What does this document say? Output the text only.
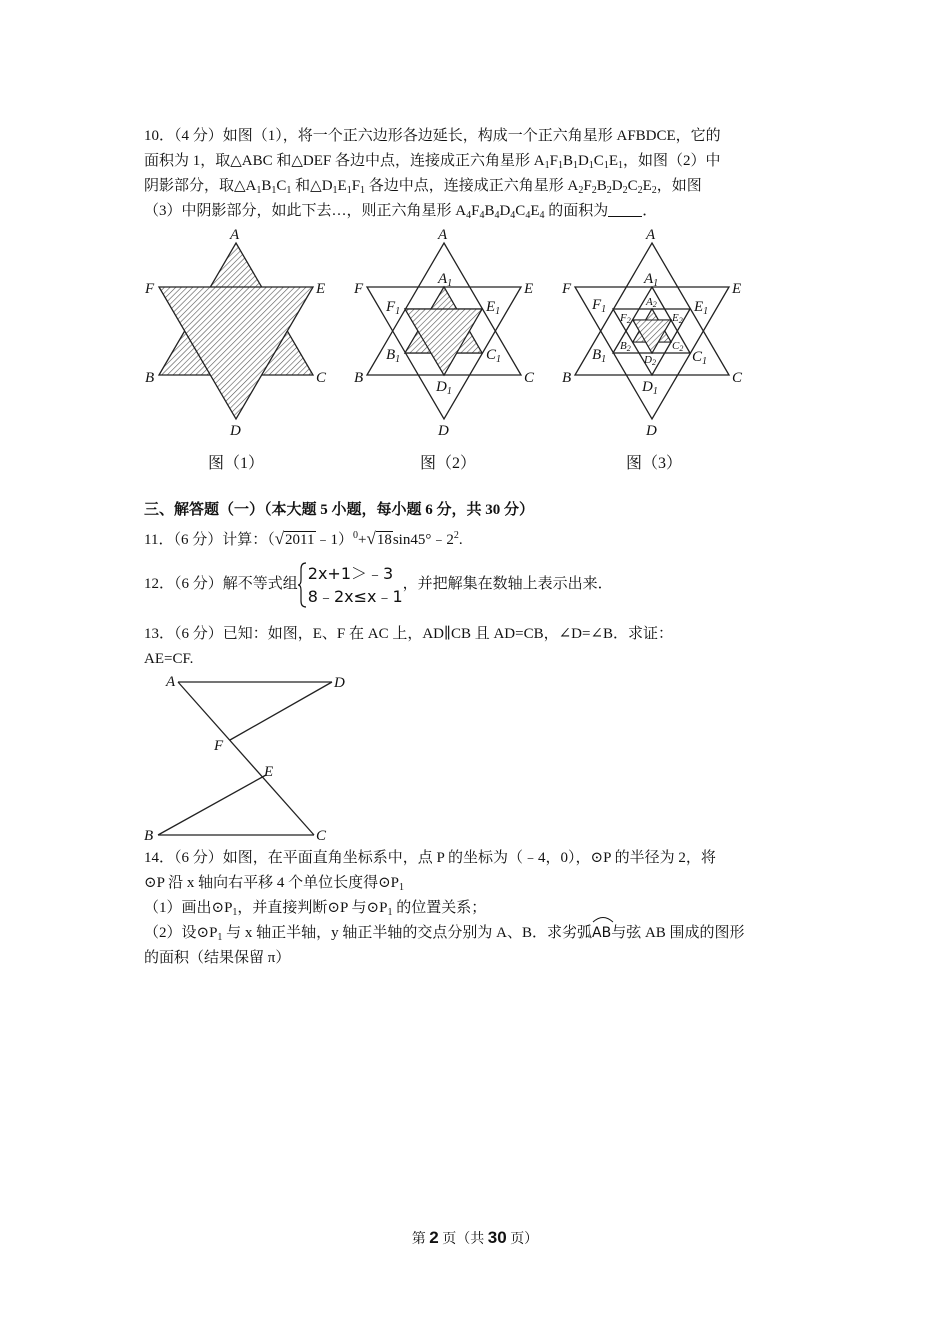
10．（4 分）如图（1），将一个正六边形各边延长，构成一个正六角星形 AFBDCE，它的
面积为 1，取△ABC 和△DEF 各边中点，连接成正六角星形 $A_1F_1B_1D_1C_1E_1$，如图（2）中
阴影部分，取$\triangle A_1B_1C_1$ 和$\triangle D_1E_1F_1$ 各边中点，连接成正六角星形 $A_2F_2B_2D_2C_2E_2$，如图
（3）中阴影部分，如此下去…，则正六角星形 $A_4F_4B_4D_4C_4E_4$ 的面积为 ．
A
F	E
B	C
D
A
F	E
B	C
D
$A_1$
$F_1$	$E_1$
$B_1$	$C_1$
$D_1$
A
F	E
B	C
D
$A_1$
$F_1$	$E_1$
$B_1$	$C_1$
$D_1$
A2
F2	E2
B2	C2
D2
图（1）	图（2）	图（3）
三、解答题（一）（本大题 5 小题，每小题 6 分，共 30 分）
11．（6 分）计算：$(√2011﹣1)^0+√18\sin 45^\circ﹣2^2$.
12．（6 分）解不等式组
2x+1＞﹣3
8﹣2x≤x﹣1
，并把解集在数轴上表示出来．
13．（6 分）已知：如图，E、F 在 AC 上，AD∥CB 且 AD=CB，∠D=∠B．求证：
AE=CF.
A	D
F
E
B	C
14．（6 分）如图，在平面直角坐标系中，点 P 的坐标为（﹣4，0），⊙P 的半径为 2，将
⊙P 沿 x 轴向右平移 4 个单位长度得$⊙P_1$
（1）画出$⊙P_1$，并直接判断⊙P 与$⊙P_1$ 的位置关系；
（2）设$⊙P_1$ 与 x 轴正半轴，y 轴正半轴的交点分别为 A、B．求劣弧
AB与弦 AB 围成的图形
的面积（结果保留 π）
第 2 页（共 30 页）
